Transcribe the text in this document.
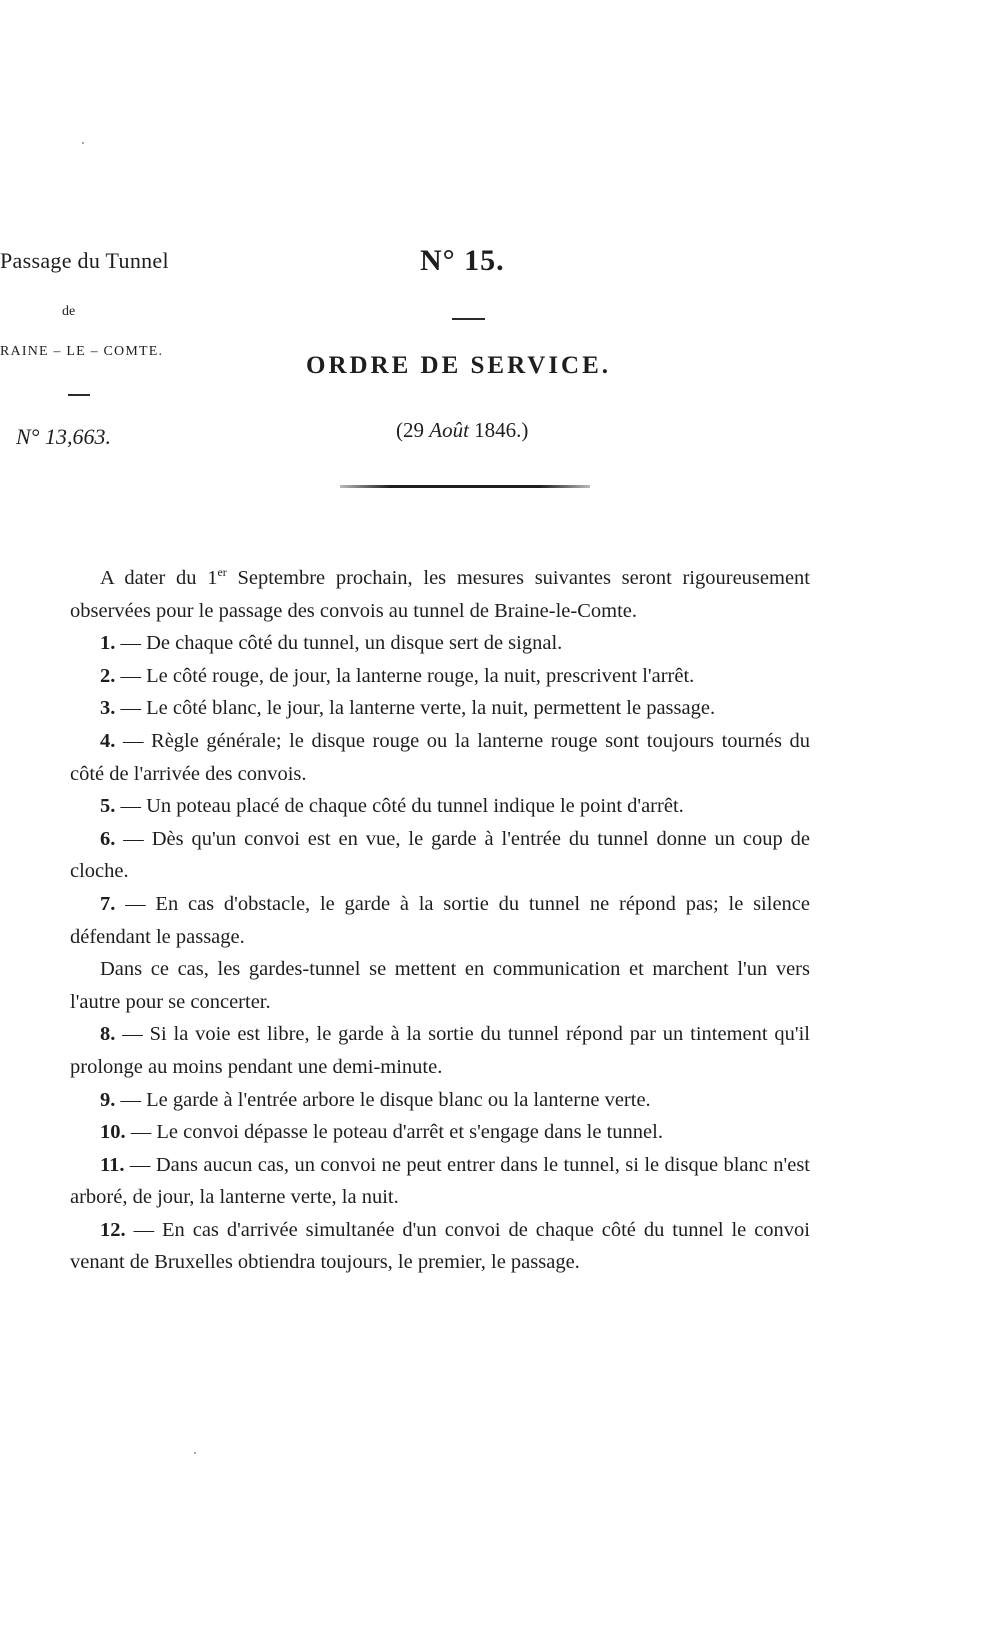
Passage du Tunnel
de
RAINE – LE – COMTE.
N° 13,663.
N° 15.
ORDRE DE SERVICE.
(29 Août 1846.)

A dater du 1er Septembre prochain, les mesures suivantes seront rigoureusement observées pour le passage des convois au tunnel de Braine-le-Comte.

1. — De chaque côté du tunnel, un disque sert de signal.

2. — Le côté rouge, de jour, la lanterne rouge, la nuit, prescrivent l'arrêt.

3. — Le côté blanc, le jour, la lanterne verte, la nuit, permettent le passage.

4. — Règle générale; le disque rouge ou la lanterne rouge sont toujours tournés du côté de l'arrivée des convois.

5. — Un poteau placé de chaque côté du tunnel indique le point d'arrêt.

6. — Dès qu'un convoi est en vue, le garde à l'entrée du tunnel donne un coup de cloche.

7. — En cas d'obstacle, le garde à la sortie du tunnel ne répond pas; le silence défendant le passage.

Dans ce cas, les gardes-tunnel se mettent en communication et marchent l'un vers l'autre pour se concerter.

8. — Si la voie est libre, le garde à la sortie du tunnel répond par un tintement qu'il prolonge au moins pendant une demi-minute.

9. — Le garde à l'entrée arbore le disque blanc ou la lanterne verte.

10. — Le convoi dépasse le poteau d'arrêt et s'engage dans le tunnel.

11. — Dans aucun cas, un convoi ne peut entrer dans le tunnel, si le disque blanc n'est arboré, de jour, la lanterne verte, la nuit.

12. — En cas d'arrivée simultanée d'un convoi de chaque côté du tunnel le convoi venant de Bruxelles obtiendra toujours, le premier, le passage.
